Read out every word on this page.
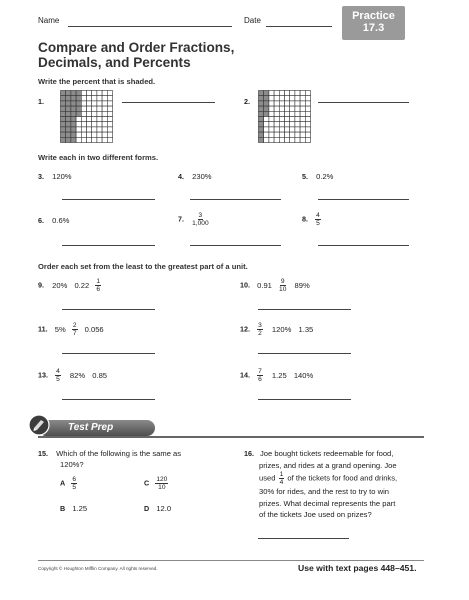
Name	Date	Practice
17.3
Compare and Order Fractions,
Decimals, and Percents
Write the percent that is shaded.
1.	2.
Write each in two different forms.
3. 120%	4. 230%	5. 0.2%
6. 0.6%	7. $\frac{3}{1,000}$	8. $\frac{4}{5}$
Order each set from the least to the greatest part of a unit.
9. 20% $0.22 \frac{1}{6}$	10. $0.91 \frac{9}{10} 89\%$
11. $5\% \frac{2}{7} 0.056$	12. $\frac{3}{2} 120\%$ 1.35
13. $\frac{4}{5} 82\%$ 0.85	14. $\frac{7}{6} 1.25$ 140%
Test Prep
15. Which of the following is the same as
120%?
A $\frac{6}{5}$	C $\frac{120}{10}$
B 1.25	D 12.0
16. Joe bought tickets redeemable for food,
prizes, and rides at a grand opening. Joe
used $\frac{1}{4}$ of the tickets for food and drinks,
30% for rides, and the rest to try to win
prizes. What decimal represents the part
of the tickets Joe used on prizes?
Copyright © Houghton Mifflin Company. All rights reserved.	Use with text pages 448–451.
